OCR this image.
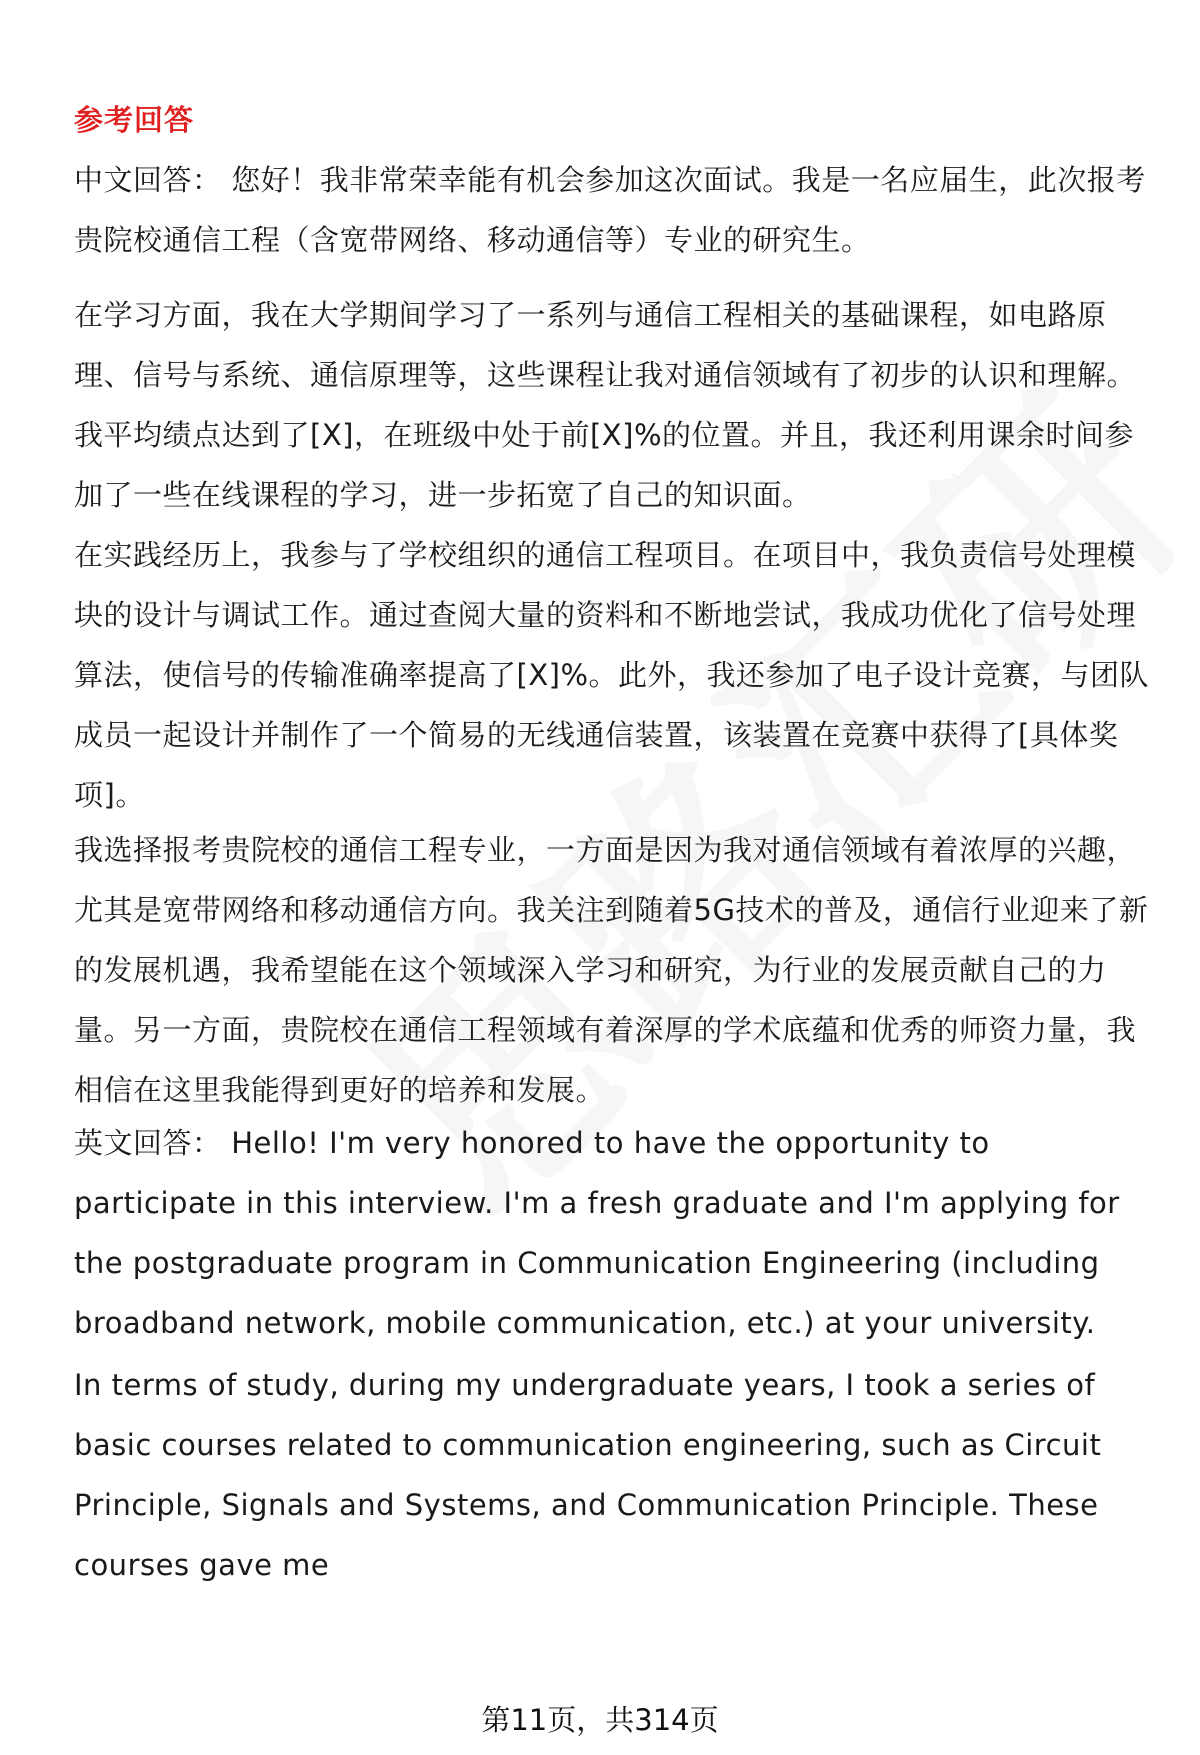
参考回答

中文回答： 您好！我非常荣幸能有机会参加这次面试。我是一名应届生，此次报考贵院校通信工程（含宽带网络、移动通信等）专业的研究生。

在学习方面，我在大学期间学习了一系列与通信工程相关的基础课程，如电路原理、信号与系统、通信原理等，这些课程让我对通信领域有了初步的认识和理解。我平均绩点达到了[X]，在班级中处于前[X]%的位置。并且，我还利用课余时间参加了一些在线课程的学习，进一步拓宽了自己的知识面。

在实践经历上，我参与了学校组织的通信工程项目。在项目中，我负责信号处理模块的设计与调试工作。通过查阅大量的资料和不断地尝试，我成功优化了信号处理算法，使信号的传输准确率提高了[X]%。此外，我还参加了电子设计竞赛，与团队成员一起设计并制作了一个简易的无线通信装置，该装置在竞赛中获得了[具体奖项]。

我选择报考贵院校的通信工程专业，一方面是因为我对通信领域有着浓厚的兴趣，尤其是宽带网络和移动通信方向。我关注到随着5G技术的普及，通信行业迎来了新的发展机遇，我希望能在这个领域深入学习和研究，为行业的发展贡献自己的力量。另一方面，贵院校在通信工程领域有着深厚的学术底蕴和优秀的师资力量，我相信在这里我能得到更好的培养和发展。

英文回答： Hello! I'm very honored to have the opportunity to participate in this interview. I'm a fresh graduate and I'm applying for the postgraduate program in Communication Engineering (including broadband network, mobile communication, etc.) at your university.

In terms of study, during my undergraduate years, I took a series of basic courses related to communication engineering, such as Circuit Principle, Signals and Systems, and Communication Principle. These courses gave me

第11页，共314页
